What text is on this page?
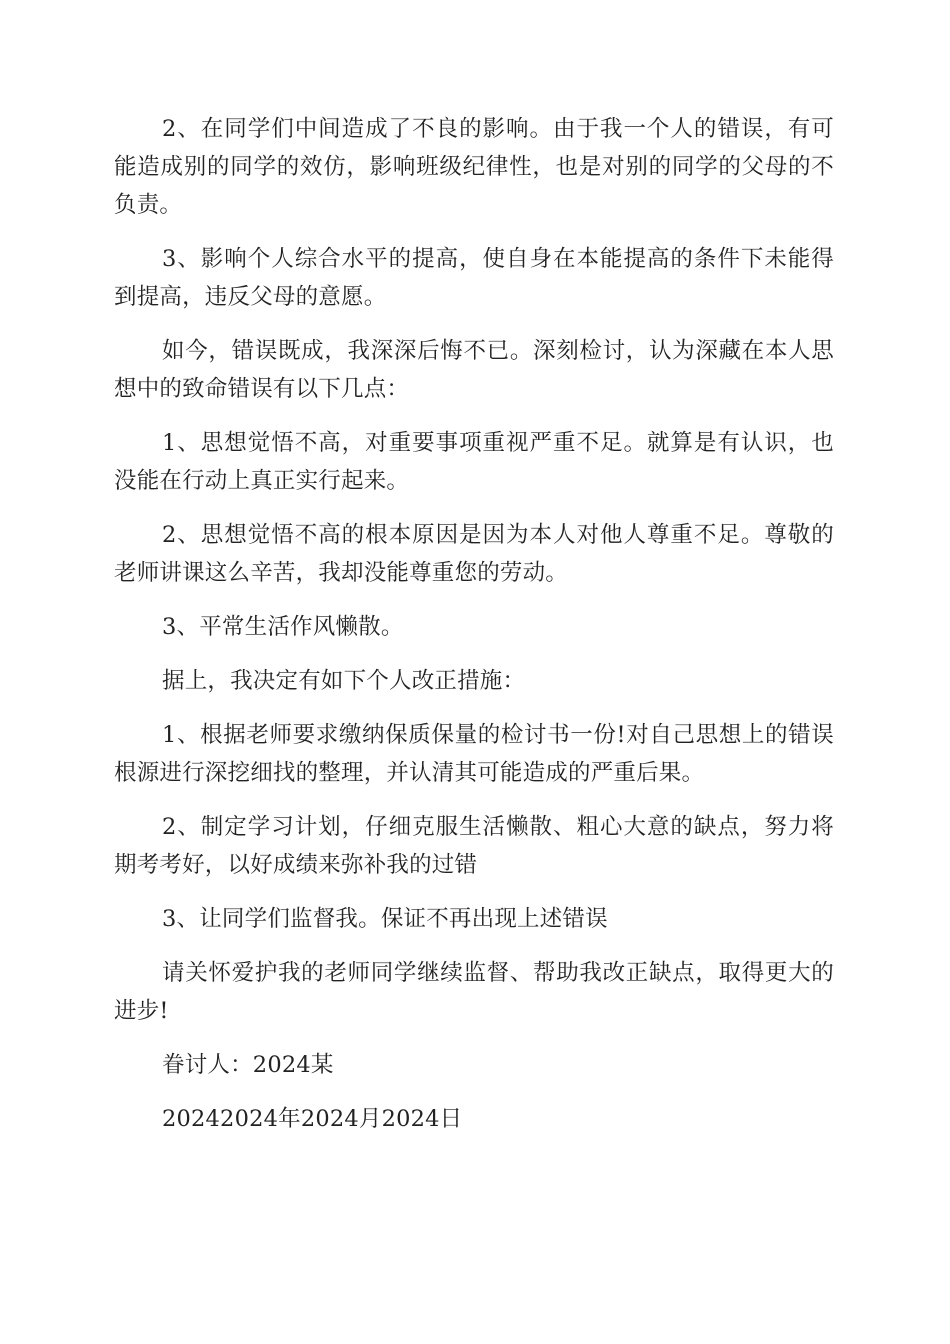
2、在同学们中间造成了不良的影响。由于我一个人的错误，有可能造成别的同学的效仿，影响班级纪律性，也是对别的同学的父母的不负责。

3、影响个人综合水平的提高，使自身在本能提高的条件下未能得到提高，违反父母的意愿。

如今，错误既成，我深深后悔不已。深刻检讨，认为深藏在本人思想中的致命错误有以下几点：

1、思想觉悟不高，对重要事项重视严重不足。就算是有认识，也没能在行动上真正实行起来。

2、思想觉悟不高的根本原因是因为本人对他人尊重不足。尊敬的老师讲课这么辛苦，我却没能尊重您的劳动。

3、平常生活作风懒散。

据上，我决定有如下个人改正措施：

1、根据老师要求缴纳保质保量的检讨书一份!对自己思想上的错误根源进行深挖细找的整理，并认清其可能造成的严重后果。

2、制定学习计划，仔细克服生活懒散、粗心大意的缺点，努力将期考考好，以好成绩来弥补我的过错

3、让同学们监督我。保证不再出现上述错误

请关怀爱护我的老师同学继续监督、帮助我改正缺点，取得更大的进步!

眷讨人：2024某

20242024年2024月2024日
